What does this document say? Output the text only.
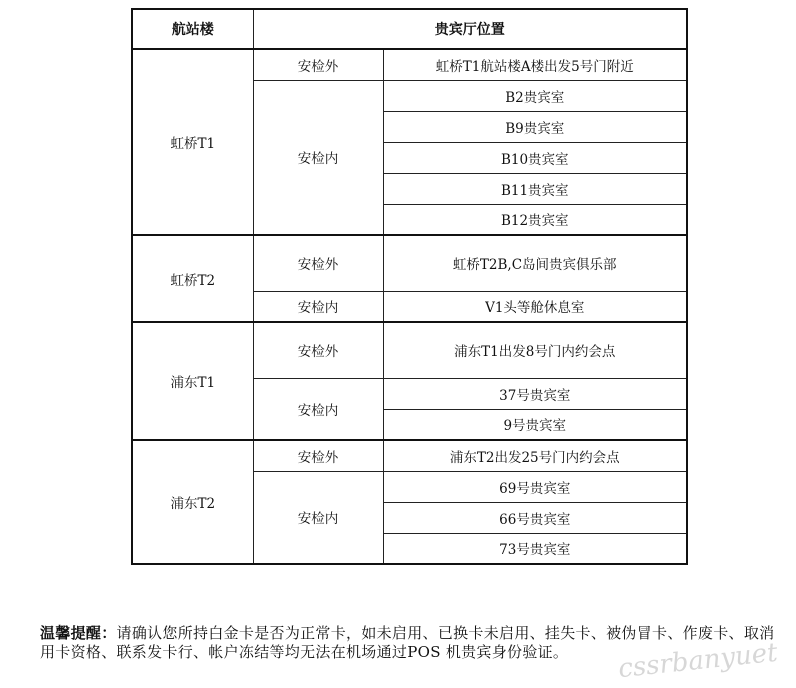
航站楼	贵宾厅位置	
虹桥T1	安检外	虹桥T1航站楼A楼出发5号门附近
	安检内	B2贵宾室
		B9贵宾室
		B10贵宾室
		B11贵宾室
		B12贵宾室
虹桥T2	安检外	虹桥T2B,C岛间贵宾俱乐部
	安检内	V1头等舱休息室
浦东T1	安检外	浦东T1出发8号门内约会点
	安检内	37号贵宾室
		9号贵宾室
浦东T2	安检外	浦东T2出发25号门内约会点
	安检内	69号贵宾室
		66号贵宾室
		73号贵宾室
温馨提醒：请确认您所持白金卡是否为正常卡，如未启用、已换卡未启用、挂失卡、被伪冒卡、作废卡、取消用卡资格、联系发卡行、帐户冻结等均无法在机场通过POS 机贵宾身份验证。	cssrbanyuet
